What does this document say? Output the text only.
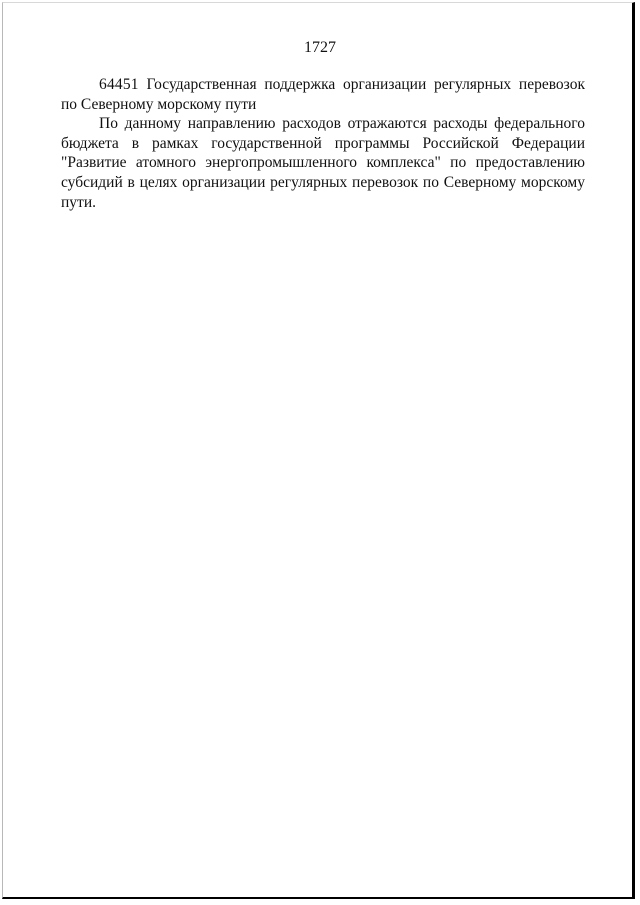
1727

64451 Государственная поддержка организации регулярных перевозок по Северному морскому пути

По данному направлению расходов отражаются расходы федерального бюджета в рамках государственной программы Российской Федерации "Развитие атомного энергопромышленного комплекса" по предоставлению субсидий в целях организации регулярных перевозок по Северному морскому пути.
